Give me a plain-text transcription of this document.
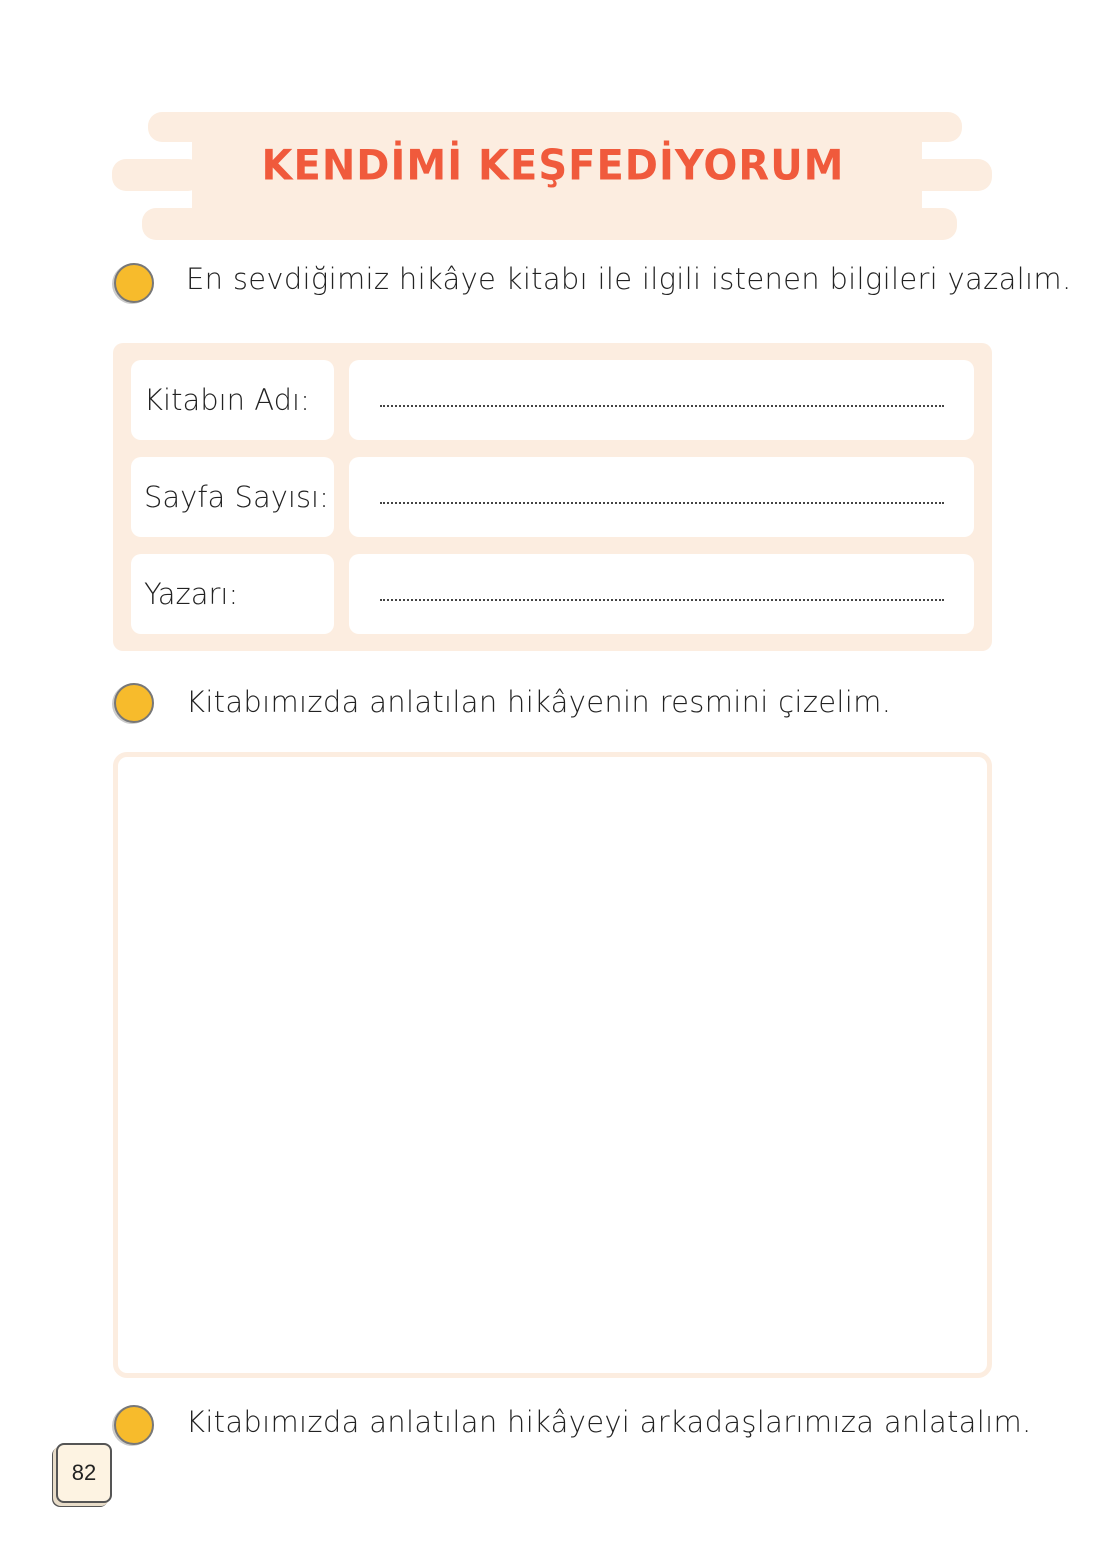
KENDİMİ KEŞFEDİYORUM
En sevdiğimiz hikâye kitabı ile ilgili istenen bilgileri yazalım.
Kitabın Adı:
Sayfa Sayısı:
Yazarı:
Kitabımızda anlatılan hikâyenin resmini çizelim.
Kitabımızda anlatılan hikâyeyi arkadaşlarımıza anlatalım.
82
